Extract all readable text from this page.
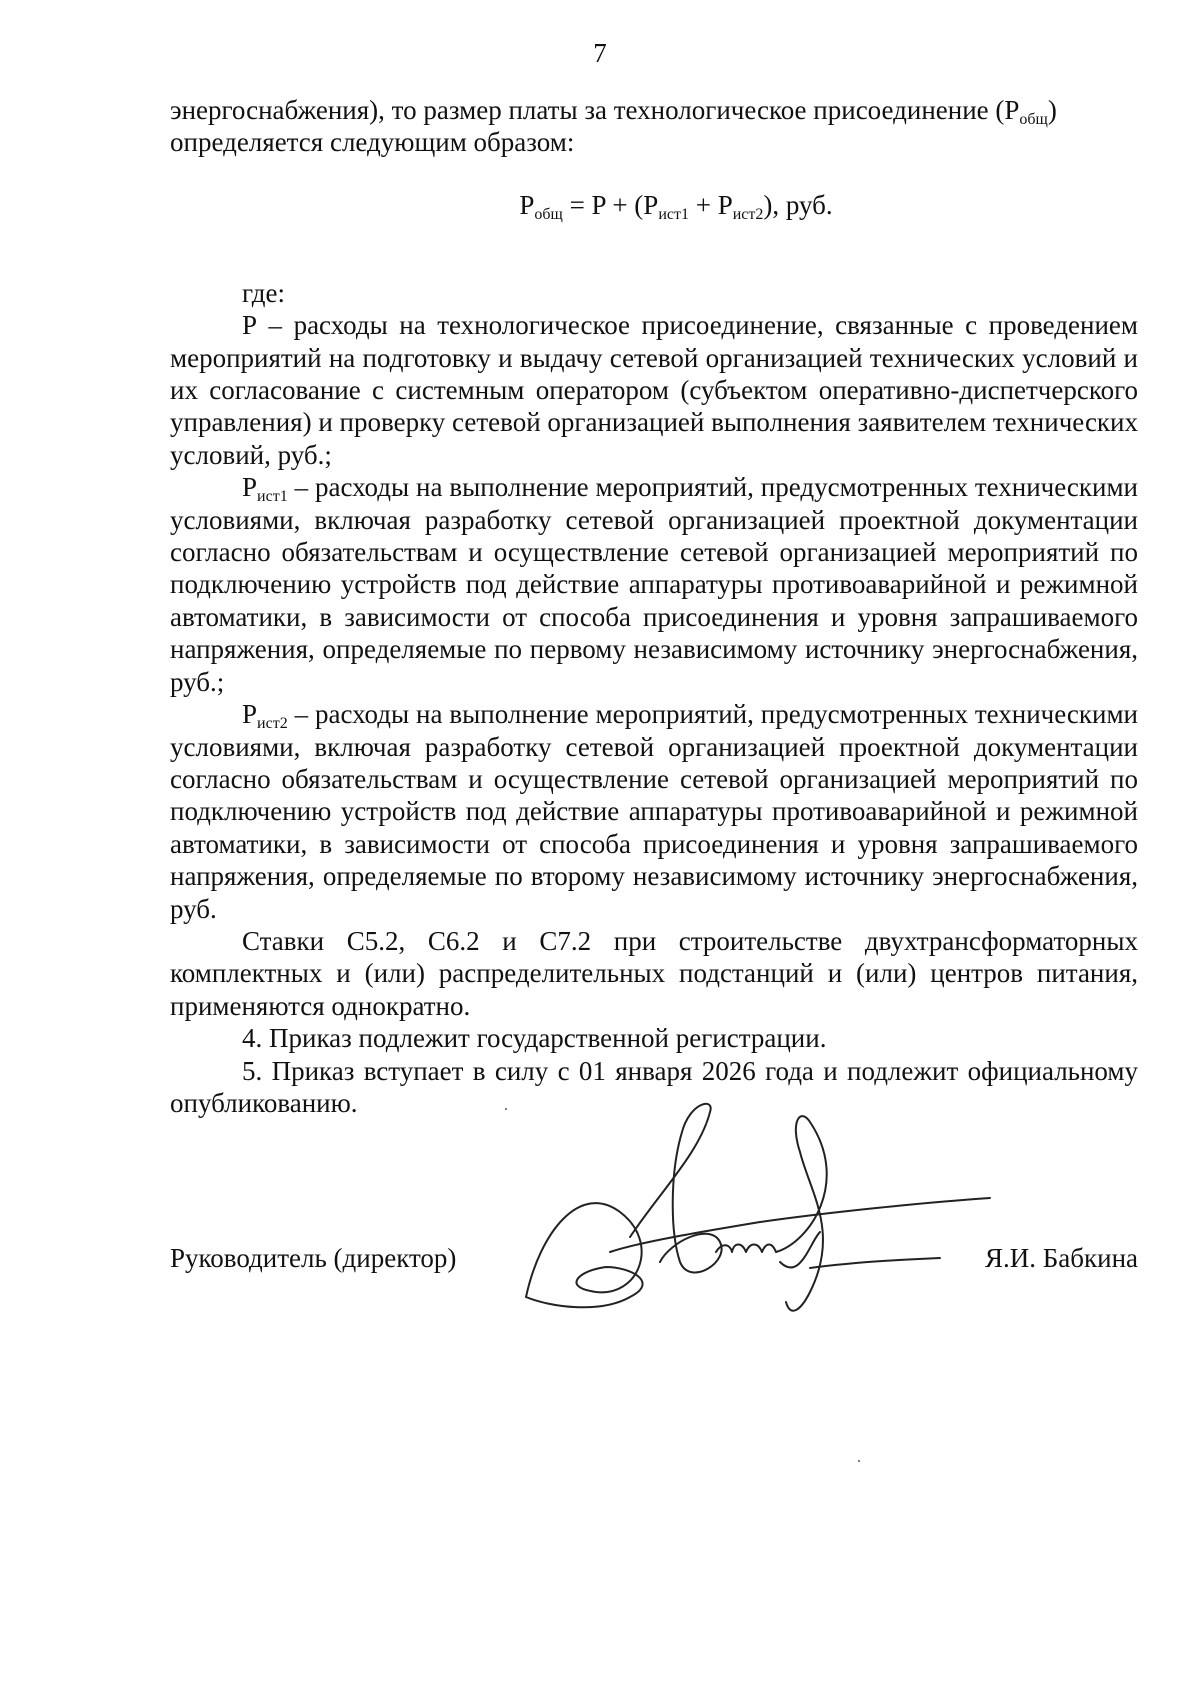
7

энергоснабжения), то размер платы за технологическое присоединение $(P_{общ})$
определяется следующим образом:

$P_{общ} = P + (P_{ист1} + P_{ист2})$, руб.

где:

P – расходы на технологическое присоединение, связанные с проведением мероприятий на подготовку и выдачу сетевой организацией технических условий и их согласование с системным оператором (субъектом оперативно-диспетчерского управления) и проверку сетевой организацией выполнения заявителем технических условий, руб.;

$P_{ист1}$ – расходы на выполнение мероприятий, предусмотренных техническими условиями, включая разработку сетевой организацией проектной документации согласно обязательствам и осуществление сетевой организацией мероприятий по подключению устройств под действие аппаратуры противоаварийной и режимной автоматики, в зависимости от способа присоединения и уровня запрашиваемого напряжения, определяемые по первому независимому источнику энергоснабжения, руб.;

$P_{ист2}$ – расходы на выполнение мероприятий, предусмотренных техническими условиями, включая разработку сетевой организацией проектной документации согласно обязательствам и осуществление сетевой организацией мероприятий по подключению устройств под действие аппаратуры противоаварийной и режимной автоматики, в зависимости от способа присоединения и уровня запрашиваемого напряжения, определяемые по второму независимому источнику энергоснабжения, руб.

Ставки С5.2, С6.2 и С7.2 при строительстве двухтрансформаторных комплектных и (или) распределительных подстанций и (или) центров питания, применяются однократно.

4. Приказ подлежит государственной регистрации.

5. Приказ вступает в силу с 01 января 2026 года и подлежит официальному опубликованию.

Руководитель (директор)	Я.И. Бабкина
